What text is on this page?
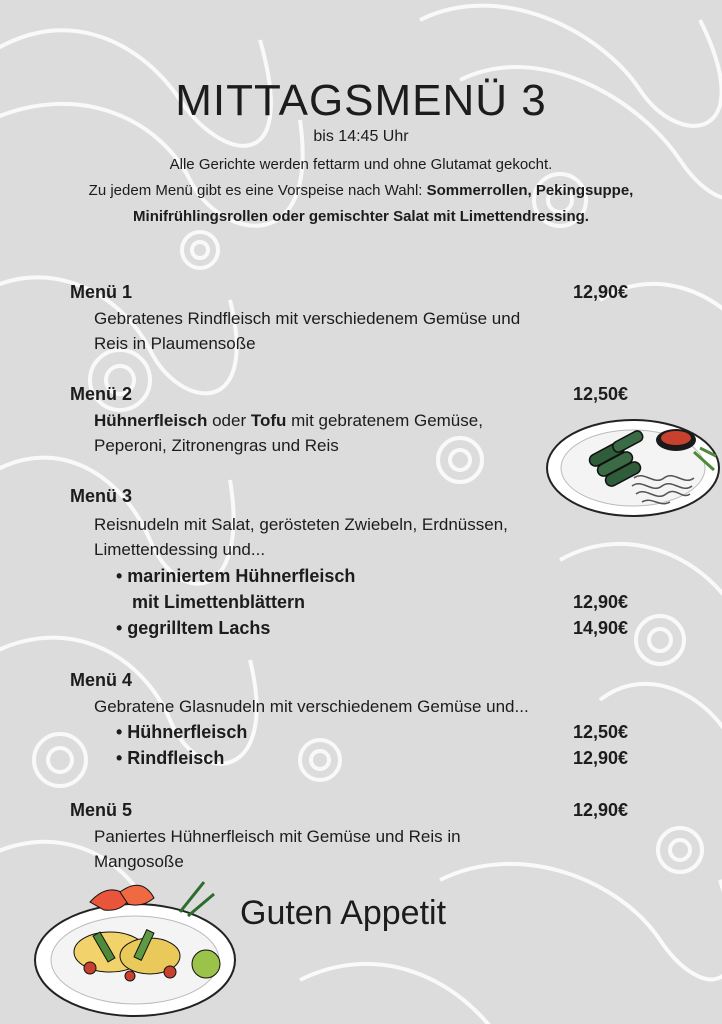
MITTAGSMENÜ 3
bis 14:45 Uhr
Alle Gerichte werden fettarm und ohne Glutamat gekocht.
Zu jedem Menü gibt es eine Vorspeise nach Wahl: Sommerrollen, Pekingsuppe, Minifrühlingsrollen oder gemischter Salat mit Limettendressing.
Menü 1	12,90€
Gebratenes Rindfleisch mit verschiedenem Gemüse und
Reis in Plaumensoße
Menü 2	12,50€
Hühnerfleisch oder Tofu mit gebratenem Gemüse,
Peperoni, Zitronengras und Reis
Menü 3
Reisnudeln mit Salat, gerösteten Zwiebeln, Erdnüssen,
Limettendessing und...
• mariniertem Hühnerfleisch
mit Limettenblättern	12,90€
• gegrilltem Lachs	14,90€
Menü 4
Gebratene Glasnudeln mit verschiedenem Gemüse und...
• Hühnerfleisch	12,50€
• Rindfleisch	12,90€
Menü 5	12,90€
Paniertes Hühnerfleisch mit Gemüse und Reis in
Mangosoße
Guten Appetit
